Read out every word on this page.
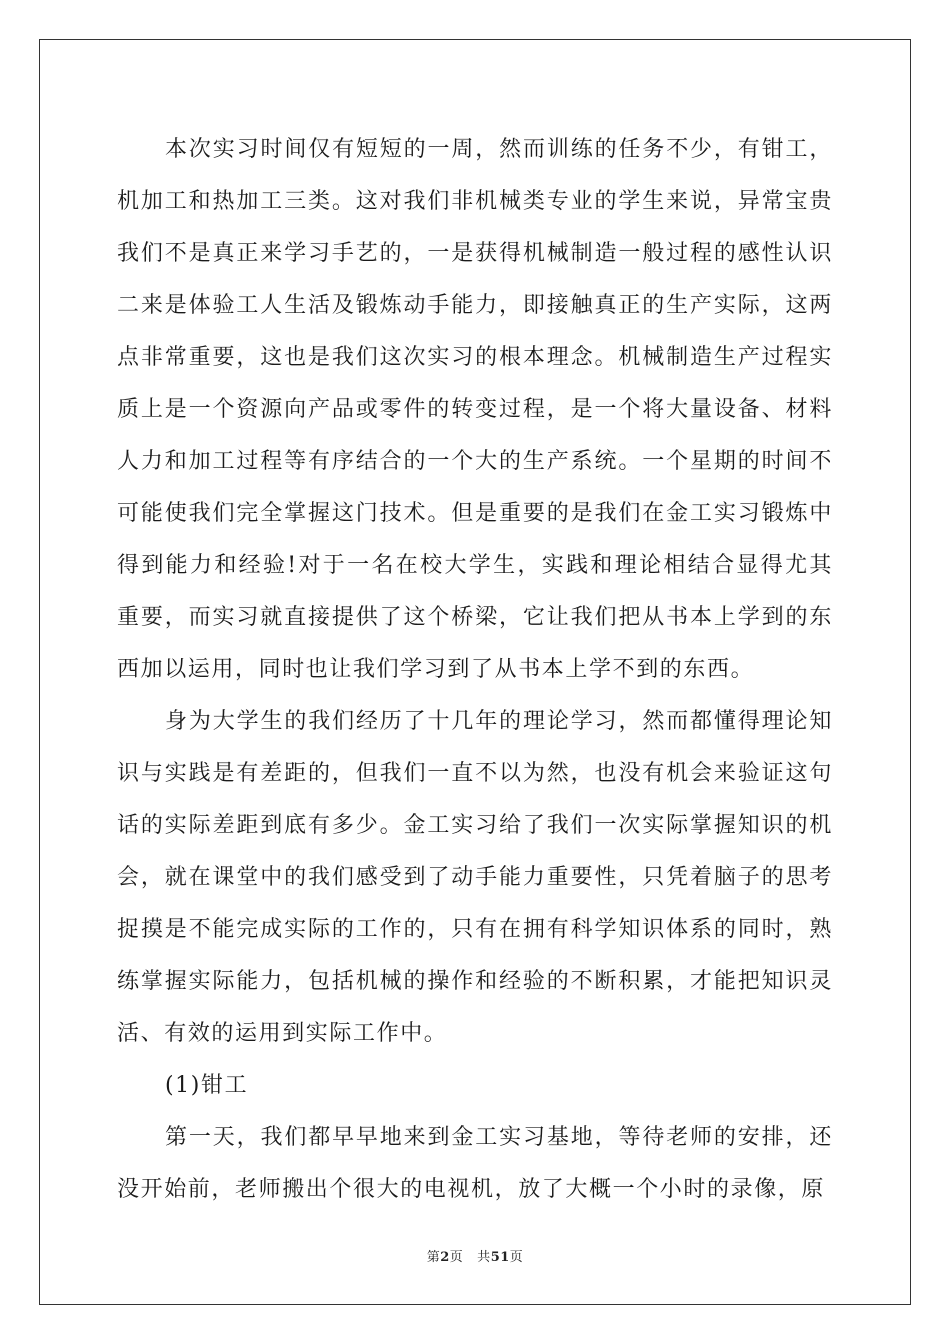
本次实习时间仅有短短的一周，然而训练的任务不少，有钳工，机加工和热加工三类。这对我们非机械类专业的学生来说，异常宝贵我们不是真正来学习手艺的，一是获得机械制造一般过程的感性认识二来是体验工人生活及锻炼动手能力，即接触真正的生产实际，这两点非常重要，这也是我们这次实习的根本理念。机械制造生产过程实质上是一个资源向产品或零件的转变过程，是一个将大量设备、材料人力和加工过程等有序结合的一个大的生产系统。一个星期的时间不可能使我们完全掌握这门技术。但是重要的是我们在金工实习锻炼中得到能力和经验!对于一名在校大学生，实践和理论相结合显得尤其重要，而实习就直接提供了这个桥梁，它让我们把从书本上学到的东西加以运用，同时也让我们学习到了从书本上学不到的东西。

身为大学生的我们经历了十几年的理论学习，然而都懂得理论知识与实践是有差距的，但我们一直不以为然，也没有机会来验证这句话的实际差距到底有多少。金工实习给了我们一次实际掌握知识的机会，就在课堂中的我们感受到了动手能力重要性，只凭着脑子的思考捉摸是不能完成实际的工作的，只有在拥有科学知识体系的同时，熟练掌握实际能力，包括机械的操作和经验的不断积累，才能把知识灵活、有效的运用到实际工作中。

(1)钳工

第一天，我们都早早地来到金工实习基地，等待老师的安排，还没开始前，老师搬出个很大的电视机，放了大概一个小时的录像，原

第2页 共51页
